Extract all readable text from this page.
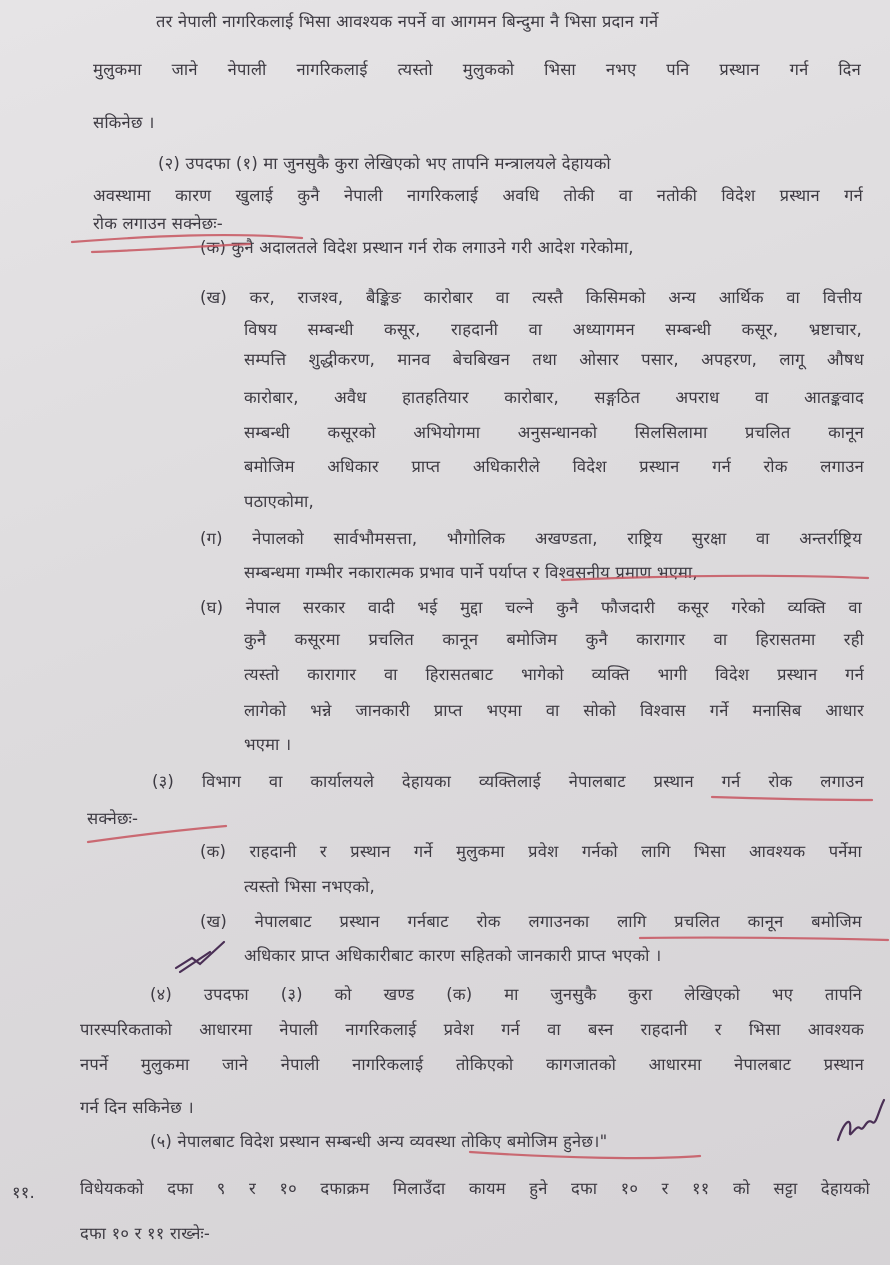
तर नेपाली नागरिकलाई भिसा आवश्यक नपर्ने वा आगमन बिन्दुमा नै भिसा प्रदान गर्ने

मुलुकमा जाने नेपाली नागरिकलाई त्यस्तो मुलुकको भिसा नभए पनि प्रस्थान गर्न दिन

सकिनेछ ।

(२) उपदफा (१) मा जुनसुकै कुरा लेखिएको भए तापनि मन्त्रालयले देहायको

अवस्थामा कारण खुलाई कुनै नेपाली नागरिकलाई अवधि तोकी वा नतोकी विदेश प्रस्थान गर्न

रोक लगाउन सक्नेछः-

(क) कुनै अदालतले विदेश प्रस्थान गर्न रोक लगाउने गरी आदेश गरेकोमा,

(ख) कर, राजश्व, बैङ्किङ कारोबार वा त्यस्तै किसिमको अन्य आर्थिक वा वित्तीय

विषय सम्बन्धी कसूर, राहदानी वा अध्यागमन सम्बन्धी कसूर, भ्रष्टाचार,

सम्पत्ति शुद्धीकरण, मानव बेचबिखन तथा ओसार पसार, अपहरण, लागू औषध

कारोबार, अवैध हातहतियार कारोबार, सङ्गठित अपराध वा आतङ्कवाद

सम्बन्धी कसूरको अभियोगमा अनुसन्धानको सिलसिलामा प्रचलित कानून

बमोजिम अधिकार प्राप्त अधिकारीले विदेश प्रस्थान गर्न रोक लगाउन

पठाएकोमा,

(ग) नेपालको सार्वभौमसत्ता, भौगोलिक अखण्डता, राष्ट्रिय सुरक्षा वा अन्तर्राष्ट्रिय

सम्बन्धमा गम्भीर नकारात्मक प्रभाव पार्ने पर्याप्त र विश्वसनीय प्रमाण भएमा,

(घ) नेपाल सरकार वादी भई मुद्दा चल्ने कुनै फौजदारी कसूर गरेको व्यक्ति वा

कुनै कसूरमा प्रचलित कानून बमोजिम कुनै कारागार वा हिरासतमा रही

त्यस्तो कारागार वा हिरासतबाट भागेको व्यक्ति भागी विदेश प्रस्थान गर्न

लागेको भन्ने जानकारी प्राप्त भएमा वा सोको विश्वास गर्ने मनासिब आधार

भएमा ।

(३) विभाग वा कार्यालयले देहायका व्यक्तिलाई नेपालबाट प्रस्थान गर्न रोक लगाउन

सक्नेछः-

(क) राहदानी र प्रस्थान गर्ने मुलुकमा प्रवेश गर्नको लागि भिसा आवश्यक पर्नेमा

त्यस्तो भिसा नभएको,

(ख) नेपालबाट प्रस्थान गर्नबाट रोक लगाउनका लागि प्रचलित कानून बमोजिम

अधिकार प्राप्त अधिकारीबाट कारण सहितको जानकारी प्राप्त भएको ।

(४) उपदफा (३) को खण्ड (क) मा जुनसुकै कुरा लेखिएको भए तापनि

पारस्परिकताको आधारमा नेपाली नागरिकलाई प्रवेश गर्न वा बस्न राहदानी र भिसा आवश्यक

नपर्ने मुलुकमा जाने नेपाली नागरिकलाई तोकिएको कागजातको आधारमा नेपालबाट प्रस्थान

गर्न दिन सकिनेछ ।

(५) नेपालबाट विदेश प्रस्थान सम्बन्धी अन्य व्यवस्था तोकिए बमोजिम हुनेछ।"

११.	विधेयकको दफा ९ र १० दफाक्रम मिलाउँदा कायम हुने दफा १० र ११ को सट्टा देहायको

दफा १० र ११ राख्नेः-
